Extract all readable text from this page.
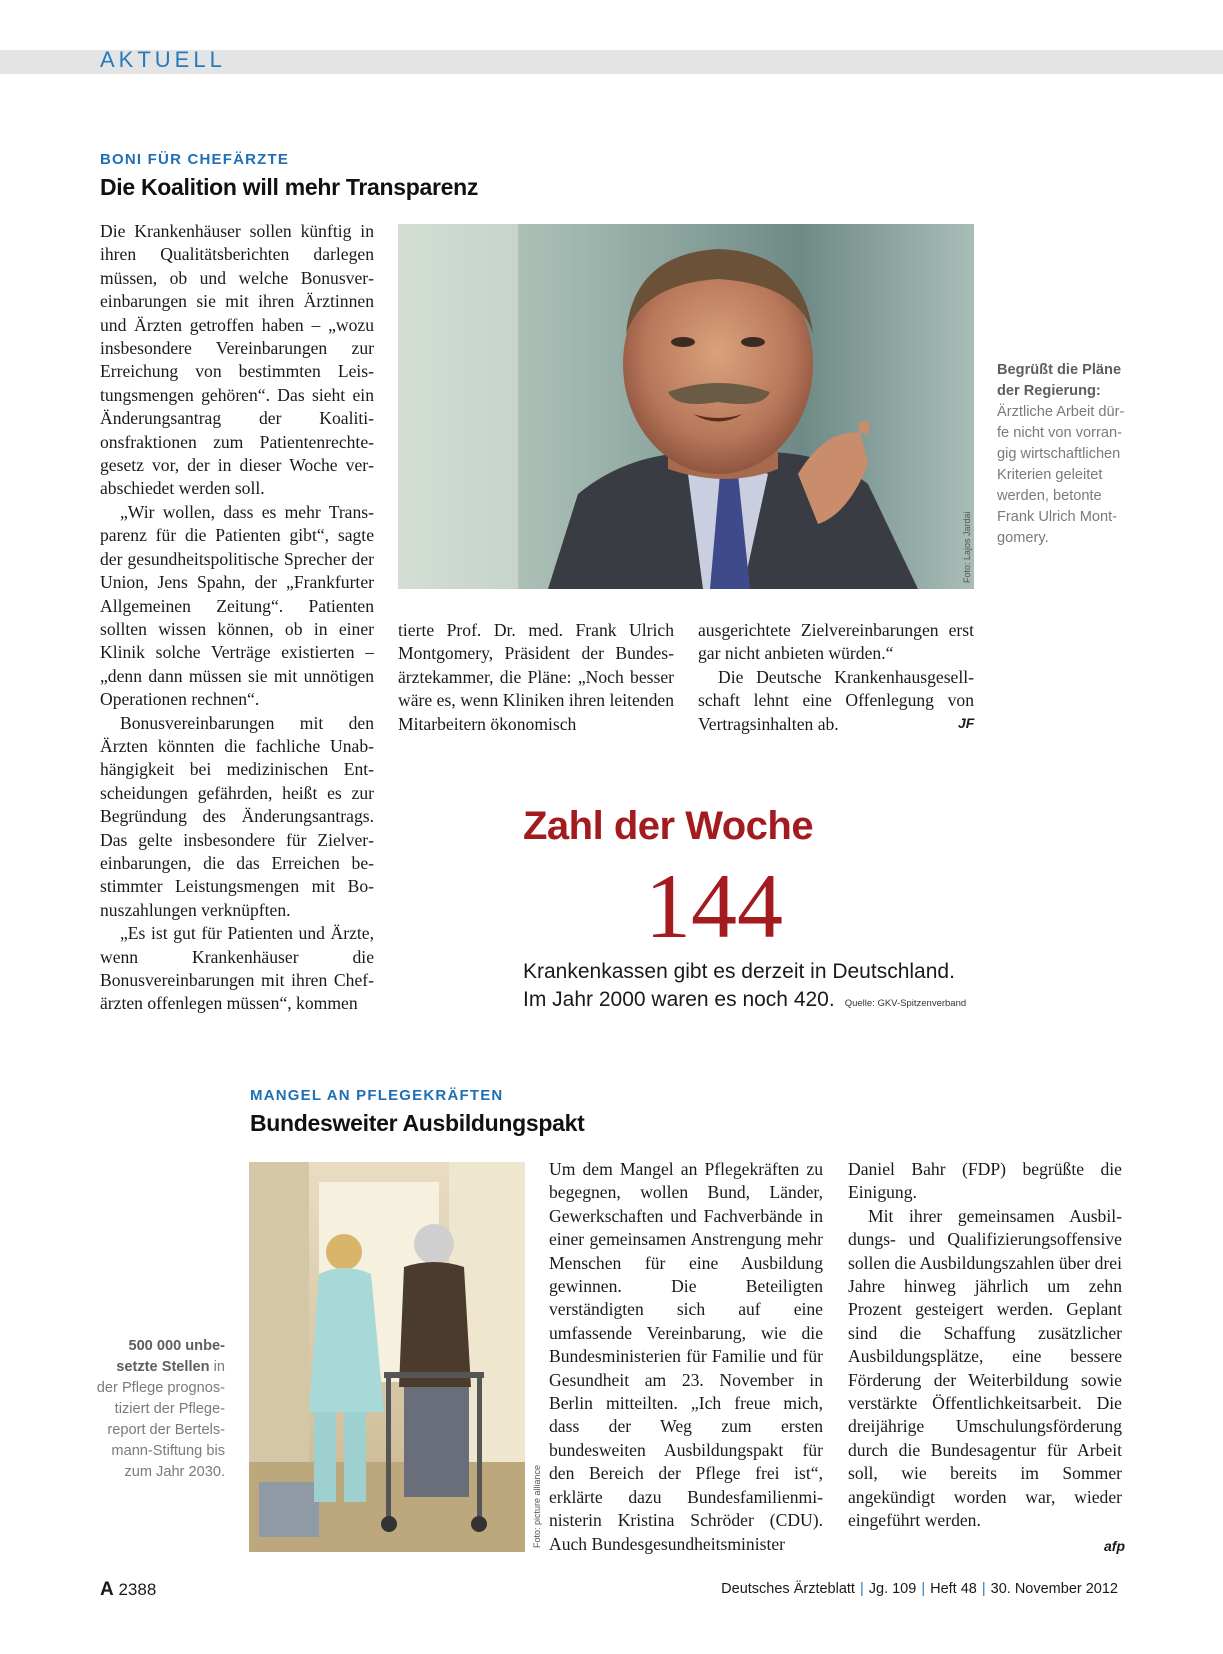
AKTUELL
BONI FÜR CHEFÄRZTE
Die Koalition will mehr Transparenz

Die Krankenhäuser sollen künftig in ihren Qualitätsberichten darlegen müssen, ob und welche Bonusvereinbarungen sie mit ihren Ärztinnen und Ärzten getroffen haben – „wozu insbesondere Vereinbarungen zur Erreichung von bestimmten Leistungsmengen gehören“. Das sieht ein Änderungsantrag der Koalitionsfraktionen zum Patientenrechtegesetz vor, der in dieser Woche verabschiedet werden soll.

„Wir wollen, dass es mehr Transparenz für die Patienten gibt“, sagte der gesundheitspolitische Sprecher der Union, Jens Spahn, der „Frankfurter Allgemeinen Zeitung“. Patienten sollten wissen können, ob in einer Klinik solche Verträge existierten – „denn dann müssen sie mit unnötigen Operationen rechnen“.

Bonusvereinbarungen mit den Ärzten könnten die fachliche Unabhängigkeit bei medizinischen Entscheidungen gefährden, heißt es zur Begründung des Änderungsantrags. Das gelte insbesondere für Zielvereinbarungen, die das Erreichen bestimmter Leistungsmengen mit Bonuszahlungen verknüpften.

„Es ist gut für Patienten und Ärzte, wenn Krankenhäuser die Bonusvereinbarungen mit ihren Chefärzten offenlegen müssen“, kommen

Foto: Lajos Jardai
Begrüßt die Pläne der Regierung: Ärztliche Arbeit dürfe nicht von vorrangig wirtschaftlichen Kriterien geleitet werden, betonte Frank Ulrich Montgomery.

tierte Prof. Dr. med. Frank Ulrich Montgomery, Präsident der Bundesärztekammer, die Pläne: „Noch besser wäre es, wenn Kliniken ihren leitenden Mitarbeitern ökonomisch

ausgerichtete Zielvereinbarungen erst gar nicht anbieten würden.“

Die Deutsche Krankenhausgesellschaft lehnt eine Offenlegung von Vertragsinhalten ab.	JF
Zahl der Woche
144
Krankenkassen gibt es derzeit in Deutschland.
Im Jahr 2000 waren es noch 420. Quelle: GKV-Spitzenverband
MANGEL AN PFLEGEKRÄFTEN
Bundesweiter Ausbildungspakt
500 000 unbesetzte Stellen in der Pflege prognostiziert der Pflegereport der Bertelsmann-Stiftung bis zum Jahr 2030.	Foto: picture alliance

Um dem Mangel an Pflegekräften zu begegnen, wollen Bund, Länder, Gewerkschaften und Fachverbände in einer gemeinsamen Anstrengung mehr Menschen für eine Ausbildung gewinnen. Die Beteiligten verständigten sich auf eine umfassende Vereinbarung, wie die Bundesministerien für Familie und für Gesundheit am 23. November in Berlin mitteilten. „Ich freue mich, dass der Weg zum ersten bundesweiten Ausbildungspakt für den Bereich der Pflege frei ist“, erklärte dazu Bundesfamilienministerin Kristina Schröder (CDU). Auch Bundesgesundheitsminister

Daniel Bahr (FDP) begrüßte die Einigung.

Mit ihrer gemeinsamen Ausbildungs- und Qualifizierungsoffensive sollen die Ausbildungszahlen über drei Jahre hinweg jährlich um zehn Prozent gesteigert werden. Geplant sind die Schaffung zusätzlicher Ausbildungsplätze, eine bessere Förderung der Weiterbildung sowie verstärkte Öffentlichkeitsarbeit. Die dreijährige Umschulungsförderung durch die Bundesagentur für Arbeit soll, wie bereits im Sommer angekündigt worden war, wieder eingeführt werden.

afp
A 2388	Deutsches Ärzteblatt | Jg. 109 | Heft 48 | 30. November 2012
